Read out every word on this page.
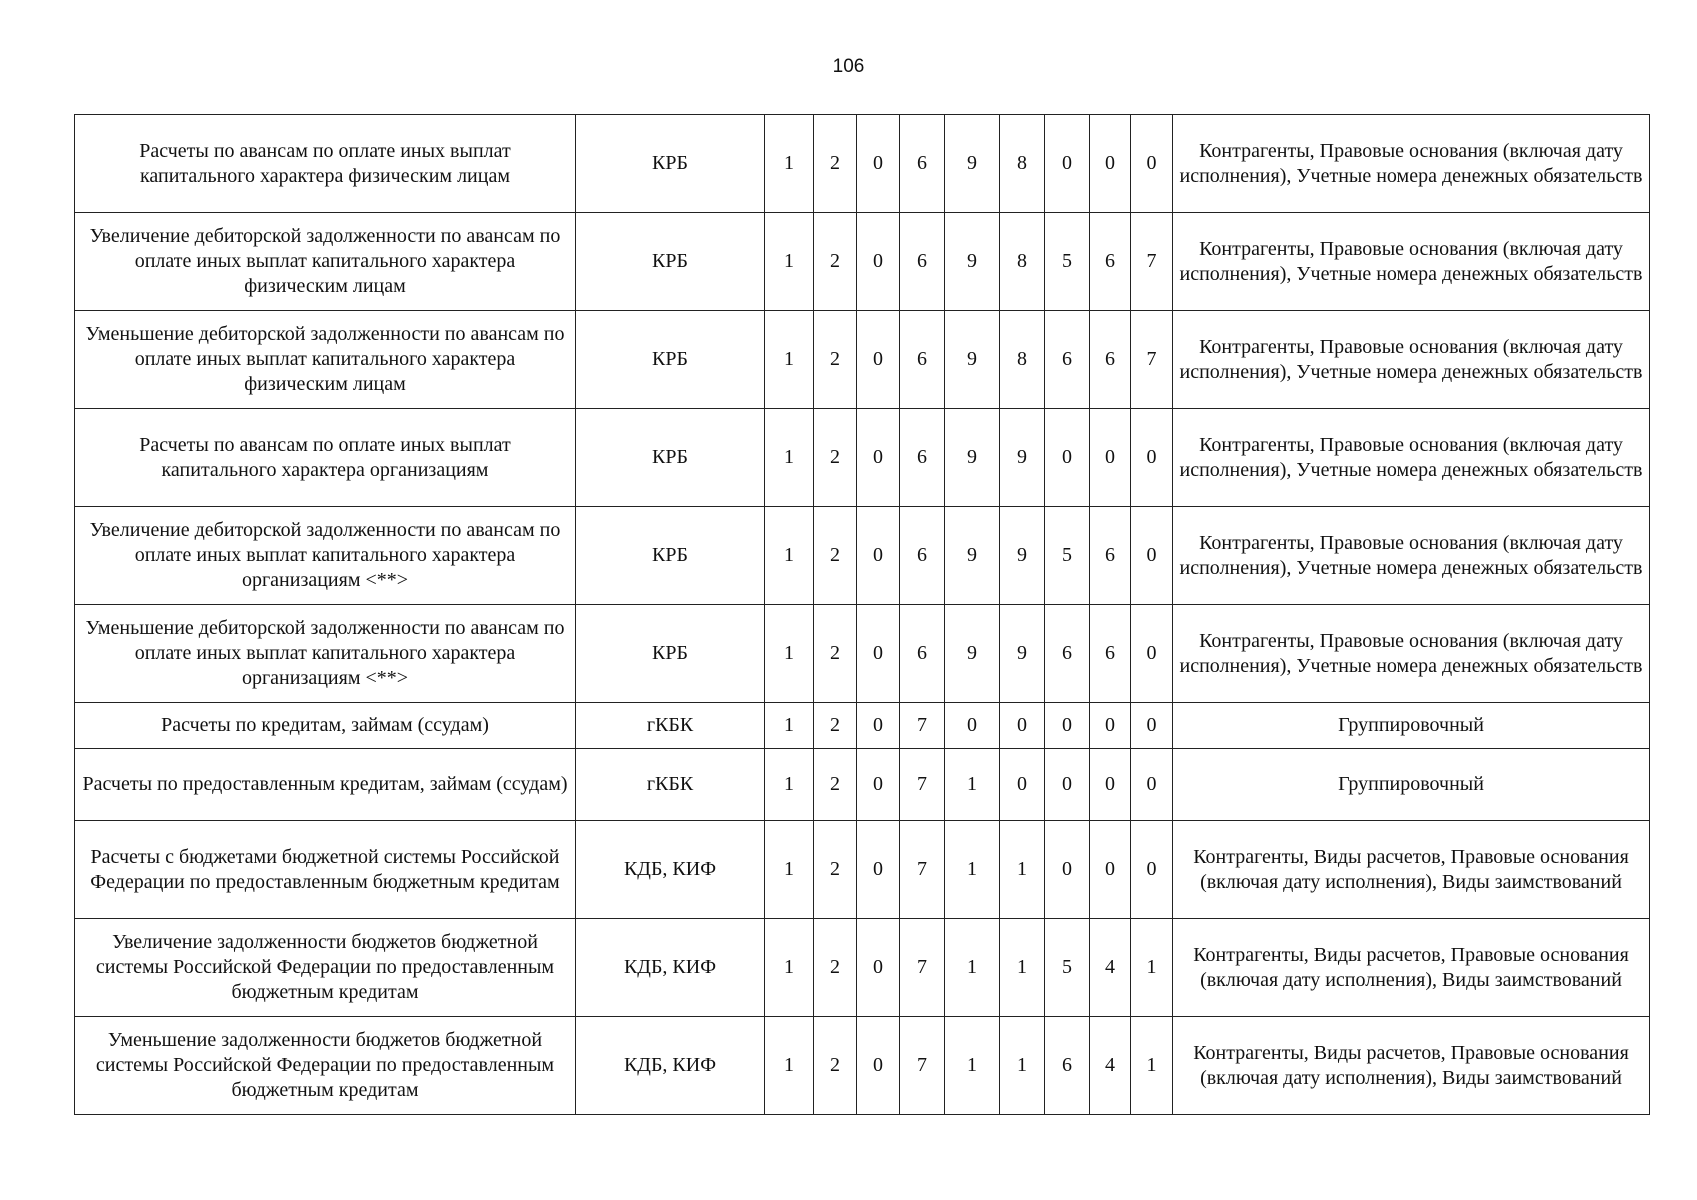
106
Расчеты по авансам по оплате иных выплат капитального характера физическим лицам	КРБ	1	2	0	6	9	8	0	0	0	Контрагенты, Правовые основания (включая дату исполнения), Учетные номера денежных обязательств
Увеличение дебиторской задолженности по авансам по оплате иных выплат капитального характера физическим лицам	КРБ	1	2	0	6	9	8	5	6	7	Контрагенты, Правовые основания (включая дату исполнения), Учетные номера денежных обязательств
Уменьшение дебиторской задолженности по авансам по оплате иных выплат капитального характера физическим лицам	КРБ	1	2	0	6	9	8	6	6	7	Контрагенты, Правовые основания (включая дату исполнения), Учетные номера денежных обязательств
Расчеты по авансам по оплате иных выплат капитального характера организациям	КРБ	1	2	0	6	9	9	0	0	0	Контрагенты, Правовые основания (включая дату исполнения), Учетные номера денежных обязательств
Увеличение дебиторской задолженности по авансам по оплате иных выплат капитального характера организациям <**>	КРБ	1	2	0	6	9	9	5	6	0	Контрагенты, Правовые основания (включая дату исполнения), Учетные номера денежных обязательств
Уменьшение дебиторской задолженности по авансам по оплате иных выплат капитального характера организациям <**>	КРБ	1	2	0	6	9	9	6	6	0	Контрагенты, Правовые основания (включая дату исполнения), Учетные номера денежных обязательств
Расчеты по кредитам, займам (ссудам)	гКБК	1	2	0	7	0	0	0	0	0	Группировочный
Расчеты по предоставленным кредитам, займам (ссудам)	гКБК	1	2	0	7	1	0	0	0	0	Группировочный
Расчеты с бюджетами бюджетной системы Российской Федерации по предоставленным бюджетным кредитам	КДБ, КИФ	1	2	0	7	1	1	0	0	0	Контрагенты, Виды расчетов, Правовые основания (включая дату исполнения), Виды заимствований
Увеличение задолженности бюджетов бюджетной системы Российской Федерации по предоставленным бюджетным кредитам	КДБ, КИФ	1	2	0	7	1	1	5	4	1	Контрагенты, Виды расчетов, Правовые основания (включая дату исполнения), Виды заимствований
Уменьшение задолженности бюджетов бюджетной системы Российской Федерации по предоставленным бюджетным кредитам	КДБ, КИФ	1	2	0	7	1	1	6	4	1	Контрагенты, Виды расчетов, Правовые основания (включая дату исполнения), Виды заимствований
